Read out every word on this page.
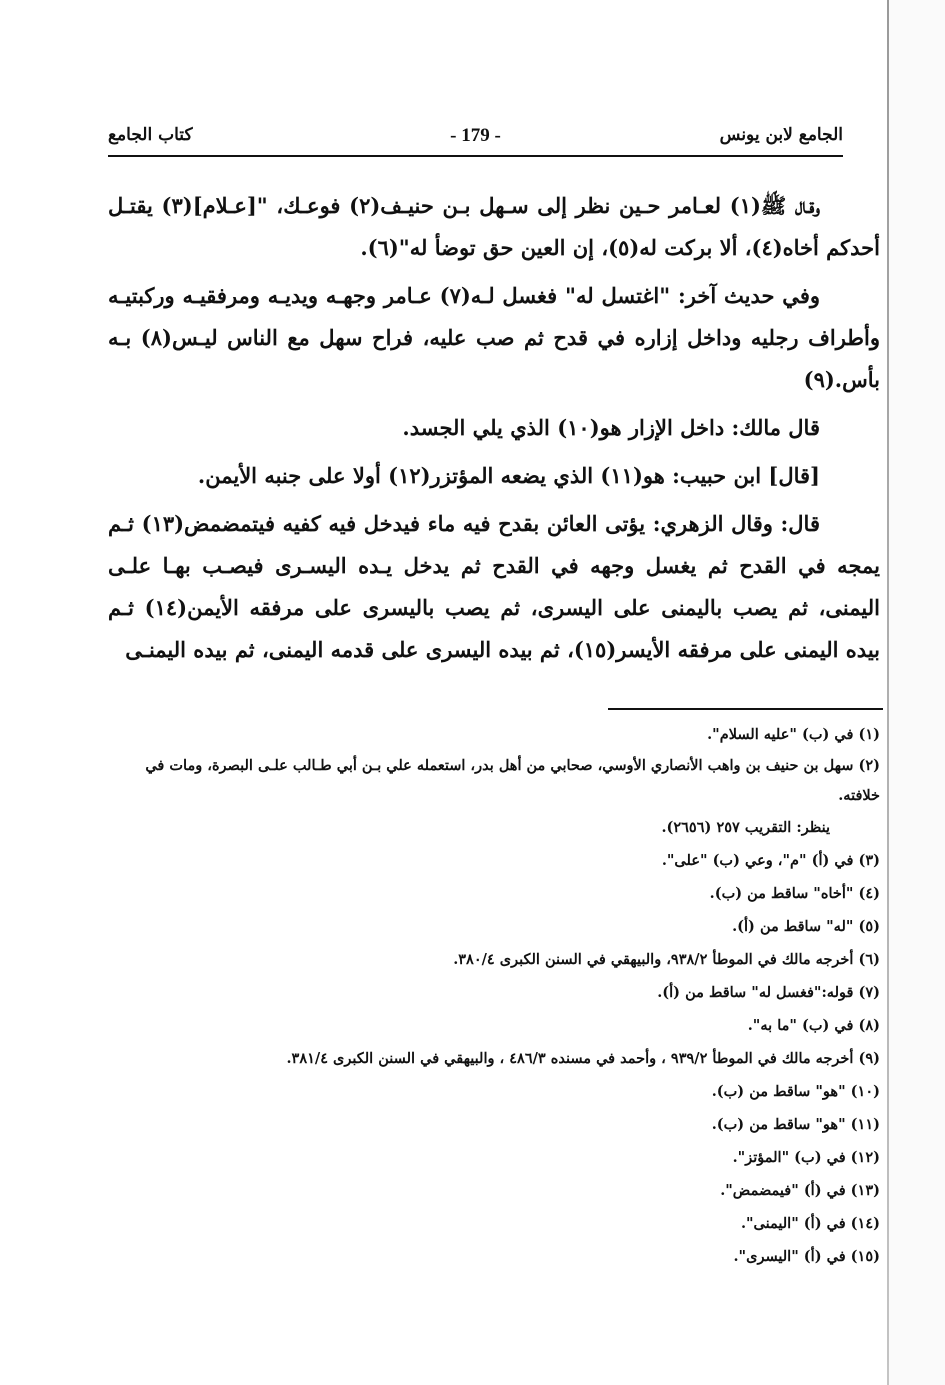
الجامع لابن يونس
- 179 -
كتاب الجامع

وقـال ﷺ(١) لعـامر حـين نظر إلى سـهل بـن حنيـف(٢) فوعـك، "[عـلام](٣) يقتـل أحدكم أخاه(٤)، ألا بركت له(٥)، إن العين حق توضأ له"(٦).

وفي حديث آخر: "اغتسل له" فغسل لـه(٧) عـامر وجهـه ويديـه ومرفقيـه وركبتيـه وأطراف رجليه وداخل إزاره في قدح ثم صب عليه، فراح سهل مع الناس ليـس(٨) بـه بأس.(٩)

قال مالك: داخل الإزار هو(١٠) الذي يلي الجسد.

[قال] ابن حبيب: هو(١١) الذي يضعه المؤتزر(١٢) أولا على جنبه الأيمن.

قال: وقال الزهري: يؤتى العائن بقدح فيه ماء فيدخل فيه كفيه فيتمضمض(١٣) ثـم يمجه في القدح ثم يغسل وجهه في القدح ثم يدخل يـده اليسـرى فيصـب بهـا علـى اليمنى، ثم يصب باليمنى على اليسرى، ثم يصب باليسرى على مرفقه الأيمن(١٤) ثـم بيده اليمنى على مرفقه الأيسر(١٥)، ثم بيده اليسرى على قدمه اليمنى، ثم بيده اليمنـى

(١) في (ب) "عليه السلام".

(٢) سهل بن حنيف بن واهب الأنصاري الأوسي، صحابي من أهل بدر، استعمله علي بـن أبي طـالب علـى البصرة، ومات في خلافته.

ينظر: التقريب ٢٥٧ (٢٦٥٦).

(٣) في (أ) "م"، وعي (ب) "على".

(٤) "أخاه" ساقط من (ب).

(٥) "له" ساقط من (أ).

(٦) أخرجه مالك في الموطأ ٩٣٨/٢، والبيهقي في السنن الكبرى ٣٨٠/٤.

(٧) قوله:"فغسل له" ساقط من (أ).

(٨) في (ب) "ما به".

(٩) أخرجه مالك في الموطأ ٩٣٩/٢ ، وأحمد في مسنده ٤٨٦/٣ ، والبيهقي في السنن الكبرى ٣٨١/٤.

(١٠) "هو" ساقط من (ب).

(١١) "هو" ساقط من (ب).

(١٢) في (ب) "المؤتز".

(١٣) في (أ) "فيمضمض".

(١٤) في (أ) "اليمنى".

(١٥) في (أ) "اليسرى".
